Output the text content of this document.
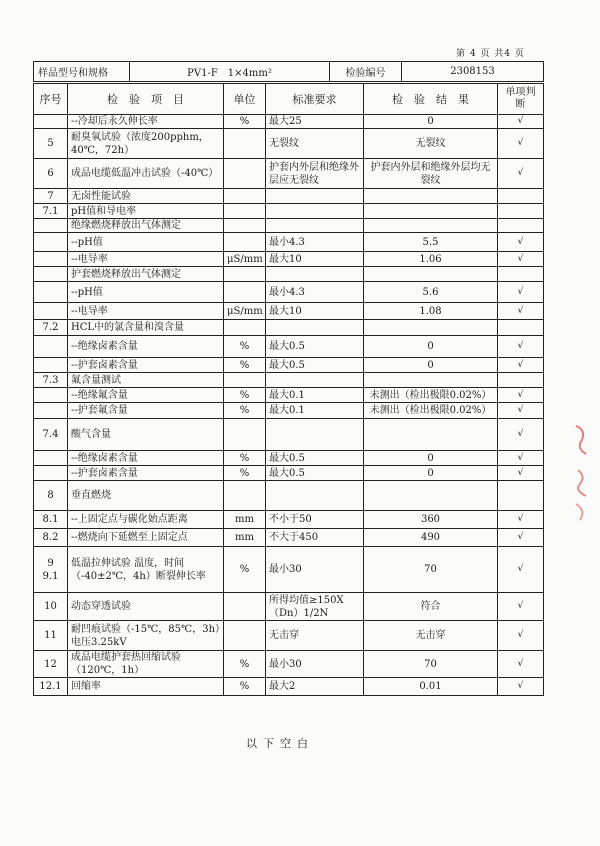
第 4 页 共4 页
样品型号和规格	PV1-F　1×4mm²	检验编号	2308153
序号	检　验　项　目	单位	标准要求	检　验　结　果	单项判断
	--冷却后永久伸长率	%	最大25	0	√
5	耐臭氧试验（浓度200pphm，40℃，72h）		无裂纹	无裂纹	√
6	成品电缆低温冲击试验（-40℃）		护套内外层和绝缘外层应无裂纹	护套内外层和绝缘外层均无裂纹	√
7	无卤性能试验				
7.1	pH值和导电率				
	绝缘燃烧释放出气体测定				
	--pH值		最小4.3	5.5	√
	--电导率	μS/mm	最大10	1.06	√
	护套燃烧释放出气体测定				
	--pH值		最小4.3	5.6	√
	--电导率	μS/mm	最大10	1.08	√
7.2	HCL中的氯含量和溴含量				
	--绝缘卤素含量	%	最大0.5	0	√
	--护套卤素含量	%	最大0.5	0	√
7.3	氟含量测试				
	--绝缘氟含量	%	最大0.1	未测出（检出极限0.02%）	√
	--护套氟含量	%	最大0.1	未测出（检出极限0.02%）	√
7.4	酸气含量				√
	--绝缘卤素含量	%	最大0.5	0	√
	--护套卤素含量	%	最大0.5	0	√
8	垂直燃烧				
8.1	--上固定点与碳化始点距离	mm	不小于50	360	√
8.2	--燃烧向下延燃至上固定点	mm	不大于450	490	√
9　9.1	低温拉伸试验 温度，时间（-40±2℃，4h）断裂伸长率	%	最小30	70	√
10	动态穿透试验		所得均值≥150X（Dn）1/2N	符合	√
11	耐凹痕试验（-15℃，85℃，3h）电压3.25kV		无击穿	无击穿	√
12	成品电缆护套热回缩试验（120℃，1h）	%	最小30	70	√
12.1	回缩率	%	最大2	0.01	√
以下空白
